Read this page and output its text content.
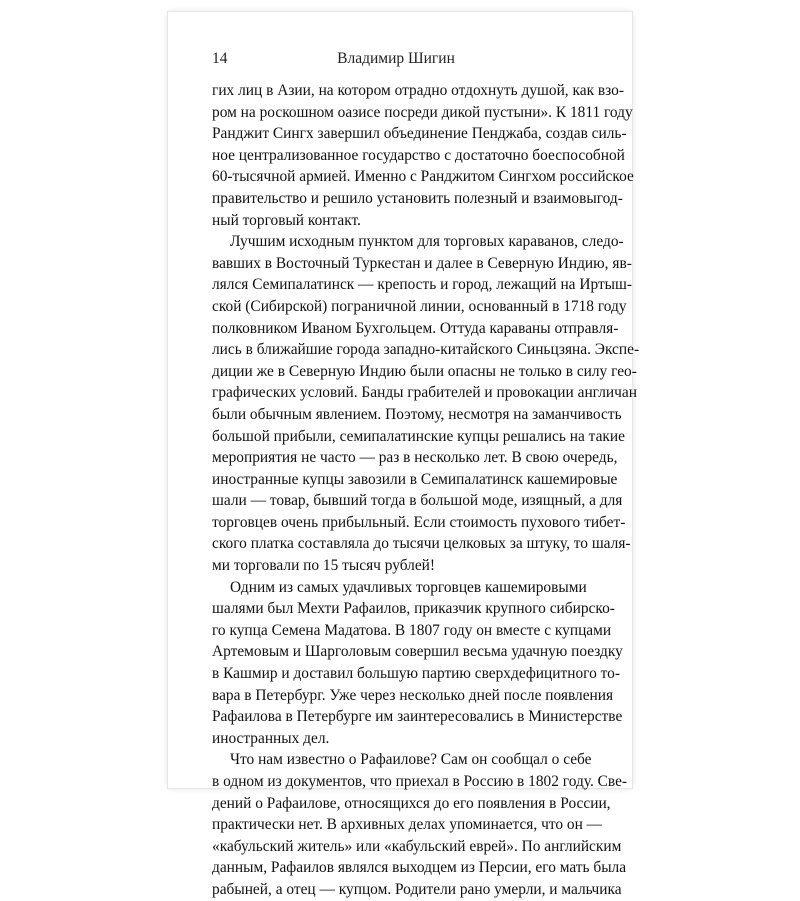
14	Владимир Шигин

гих лиц в Азии, на котором отрадно отдохнуть душой, как взо-
ром на роскошном оазисе посреди дикой пустыни». К 1811 году
Ранджит Сингх завершил объединение Пенджаба, создав силь-
ное централизованное государство с достаточно боеспособной
60-тысячной армией. Именно с Ранджитом Сингхом российское
правительство и решило установить полезный и взаимовыгод-
ный торговый контакт.

Лучшим исходным пунктом для торговых караванов, следо-
вавших в Восточный Туркестан и далее в Северную Индию, яв-
лялся Семипалатинск — крепость и город, лежащий на Иртыш-
ской (Сибирской) пограничной линии, основанный в 1718 году
полковником Иваном Бухгольцем. Оттуда караваны отправля-
лись в ближайшие города западно-китайского Синьцзяна. Экспе-
диции же в Северную Индию были опасны не только в силу гео-
графических условий. Банды грабителей и провокации англичан
были обычным явлением. Поэтому, несмотря на заманчивость
большой прибыли, семипалатинские купцы решались на такие
мероприятия не часто — раз в несколько лет. В свою очередь,
иностранные купцы завозили в Семипалатинск кашемировые
шали — товар, бывший тогда в большой моде, изящный, а для
торговцев очень прибыльный. Если стоимость пухового тибет-
ского платка составляла до тысячи целковых за штуку, то шаля-
ми торговали по 15 тысяч рублей!

Одним из самых удачливых торговцев кашемировыми
шалями был Мехти Рафаилов, приказчик крупного сибирско-
го купца Семена Мадатова. В 1807 году он вместе с купцами
Артемовым и Шарголовым совершил весьма удачную поездку
в Кашмир и доставил большую партию сверхдефицитного то-
вара в Петербург. Уже через несколько дней после появления
Рафаилова в Петербурге им заинтересовались в Министерстве
иностранных дел.

Что нам известно о Рафаилове? Сам он сообщал о себе
в одном из документов, что приехал в Россию в 1802 году. Све-
дений о Рафаилове, относящихся до его появления в России,
практически нет. В архивных делах упоминается, что он —
«кабульский житель» или «кабульский еврей». По английским
данным, Рафаилов являлся выходцем из Персии, его мать была
рабыней, а отец — купцом. Родители рано умерли, и мальчика
